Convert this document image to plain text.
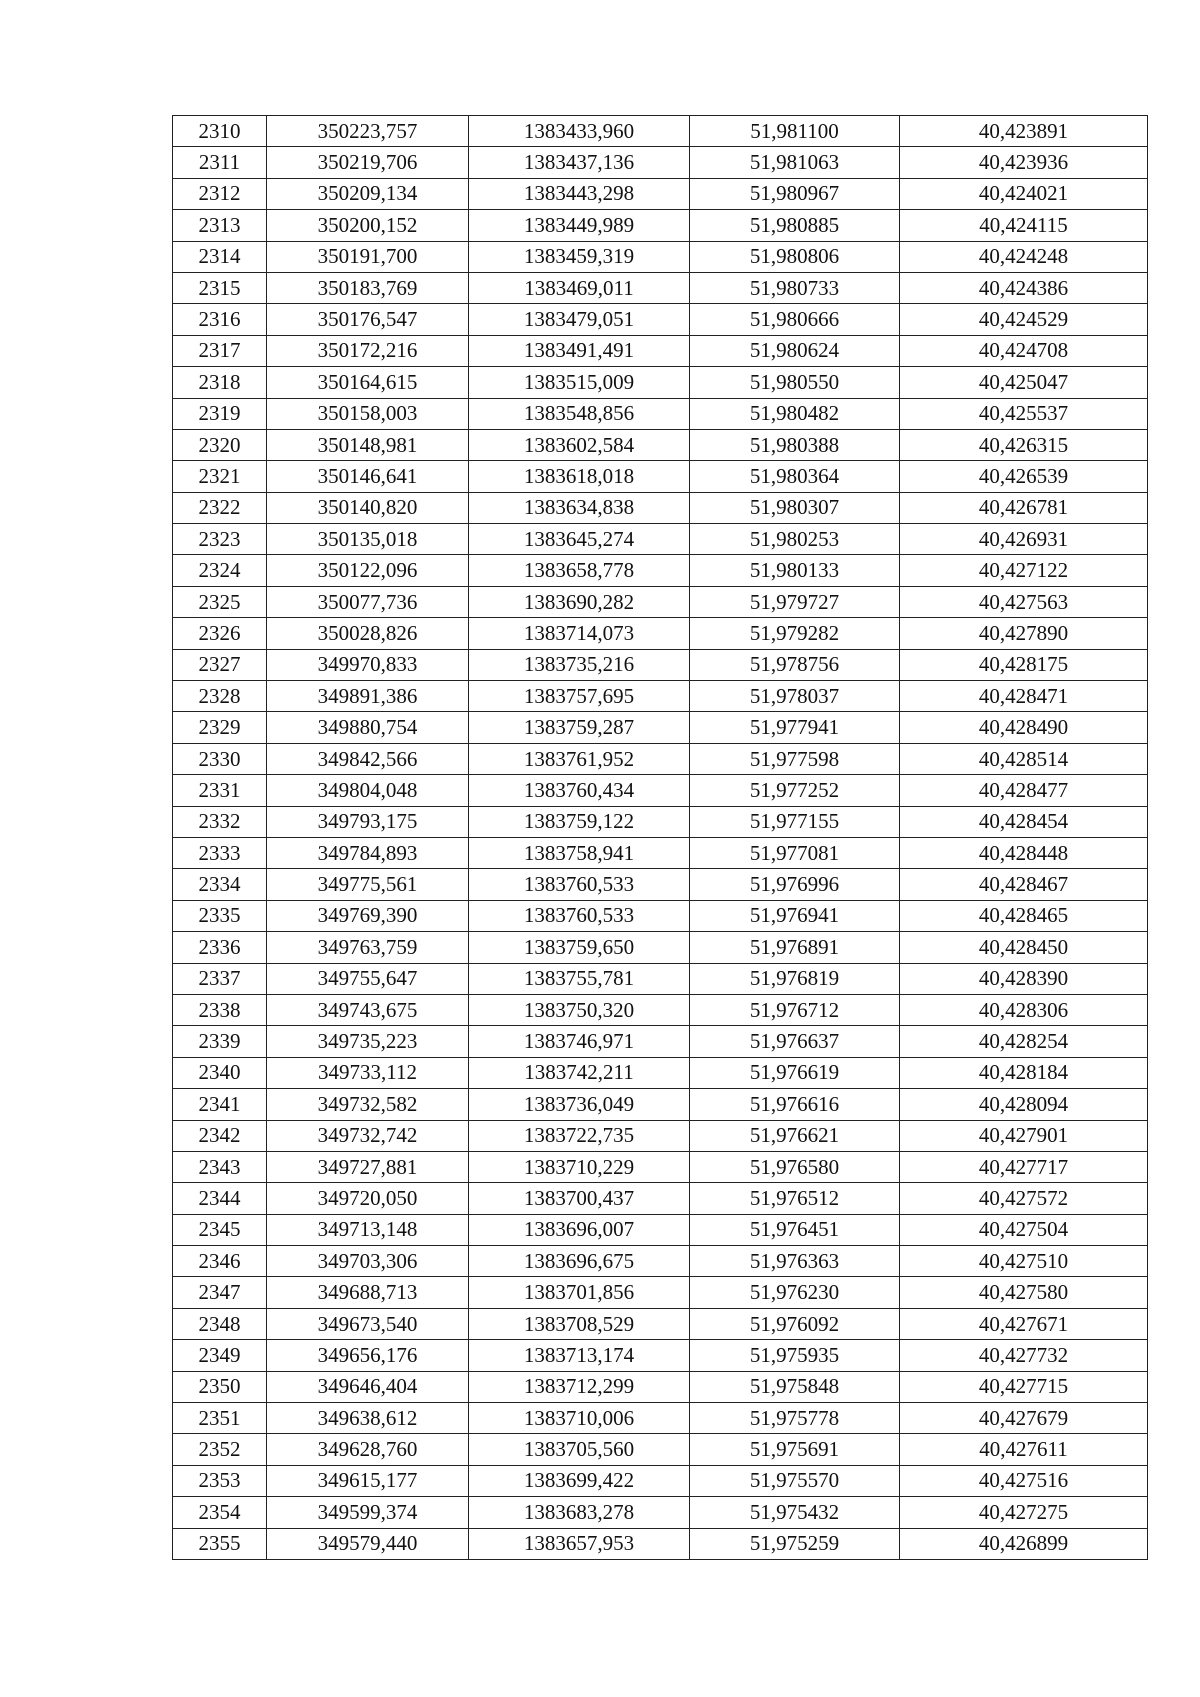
2310	350223,757	1383433,960	51,981100	40,423891
2311	350219,706	1383437,136	51,981063	40,423936
2312	350209,134	1383443,298	51,980967	40,424021
2313	350200,152	1383449,989	51,980885	40,424115
2314	350191,700	1383459,319	51,980806	40,424248
2315	350183,769	1383469,011	51,980733	40,424386
2316	350176,547	1383479,051	51,980666	40,424529
2317	350172,216	1383491,491	51,980624	40,424708
2318	350164,615	1383515,009	51,980550	40,425047
2319	350158,003	1383548,856	51,980482	40,425537
2320	350148,981	1383602,584	51,980388	40,426315
2321	350146,641	1383618,018	51,980364	40,426539
2322	350140,820	1383634,838	51,980307	40,426781
2323	350135,018	1383645,274	51,980253	40,426931
2324	350122,096	1383658,778	51,980133	40,427122
2325	350077,736	1383690,282	51,979727	40,427563
2326	350028,826	1383714,073	51,979282	40,427890
2327	349970,833	1383735,216	51,978756	40,428175
2328	349891,386	1383757,695	51,978037	40,428471
2329	349880,754	1383759,287	51,977941	40,428490
2330	349842,566	1383761,952	51,977598	40,428514
2331	349804,048	1383760,434	51,977252	40,428477
2332	349793,175	1383759,122	51,977155	40,428454
2333	349784,893	1383758,941	51,977081	40,428448
2334	349775,561	1383760,533	51,976996	40,428467
2335	349769,390	1383760,533	51,976941	40,428465
2336	349763,759	1383759,650	51,976891	40,428450
2337	349755,647	1383755,781	51,976819	40,428390
2338	349743,675	1383750,320	51,976712	40,428306
2339	349735,223	1383746,971	51,976637	40,428254
2340	349733,112	1383742,211	51,976619	40,428184
2341	349732,582	1383736,049	51,976616	40,428094
2342	349732,742	1383722,735	51,976621	40,427901
2343	349727,881	1383710,229	51,976580	40,427717
2344	349720,050	1383700,437	51,976512	40,427572
2345	349713,148	1383696,007	51,976451	40,427504
2346	349703,306	1383696,675	51,976363	40,427510
2347	349688,713	1383701,856	51,976230	40,427580
2348	349673,540	1383708,529	51,976092	40,427671
2349	349656,176	1383713,174	51,975935	40,427732
2350	349646,404	1383712,299	51,975848	40,427715
2351	349638,612	1383710,006	51,975778	40,427679
2352	349628,760	1383705,560	51,975691	40,427611
2353	349615,177	1383699,422	51,975570	40,427516
2354	349599,374	1383683,278	51,975432	40,427275
2355	349579,440	1383657,953	51,975259	40,426899
